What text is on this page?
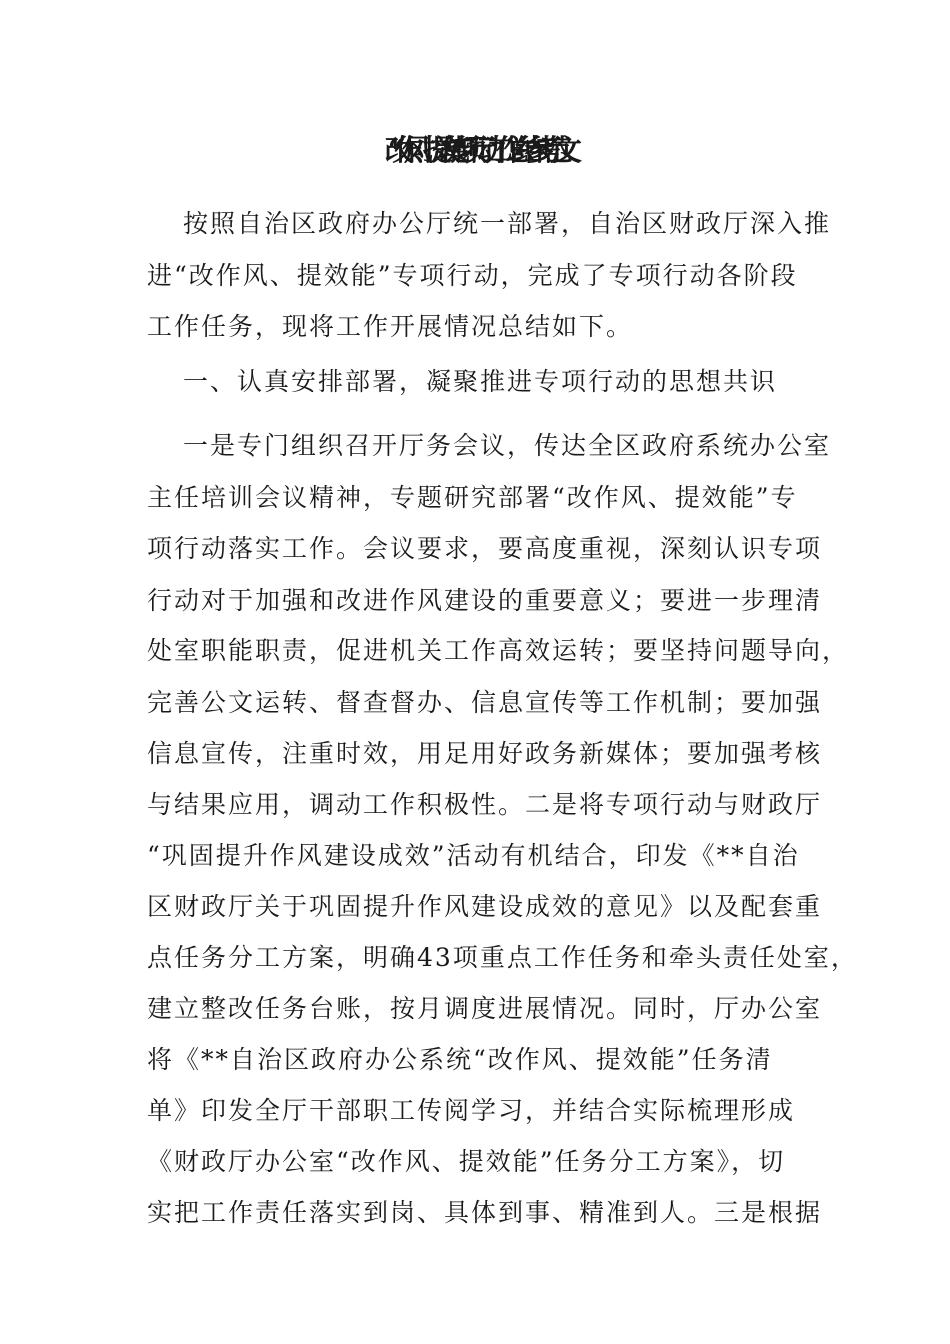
“改作风、提效能”专项行动工作总结参考范文
按照自治区政府办公厅统一部署，自治区财政厅深入推
进“改作风、提效能”专项行动，完成了专项行动各阶段
工作任务，现将工作开展情况总结如下。
一、认真安排部署，凝聚推进专项行动的思想共识
一是专门组织召开厅务会议，传达全区政府系统办公室
主任培训会议精神，专题研究部署“改作风、提效能”专
项行动落实工作。会议要求，要高度重视，深刻认识专项
行动对于加强和改进作风建设的重要意义；要进一步理清
处室职能职责，促进机关工作高效运转；要坚持问题导向，
完善公文运转、督查督办、信息宣传等工作机制；要加强
信息宣传，注重时效，用足用好政务新媒体；要加强考核
与结果应用，调动工作积极性。二是将专项行动与财政厅
“巩固提升作风建设成效”活动有机结合，印发《**自治
区财政厅关于巩固提升作风建设成效的意见》以及配套重
点任务分工方案，明确43项重点工作任务和牵头责任处室，
建立整改任务台账，按月调度进展情况。同时，厅办公室
将《**自治区政府办公系统“改作风、提效能”任务清
单》印发全厅干部职工传阅学习，并结合实际梳理形成
《财政厅办公室“改作风、提效能”任务分工方案》，切
实把工作责任落实到岗、具体到事、精准到人。三是根据
